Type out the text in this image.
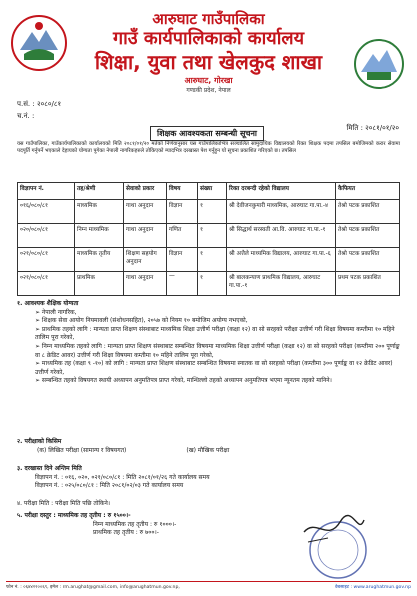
आरुघाट गाउँपालिका
गाउँ कार्यपालिकाको कार्यालय
शिक्षा, युवा तथा खेलकुद शाखा
आरुघाट, गोरखा
गण्डकी प्रदेश, नेपाल
प.सं. : २०८०/८१
च.नं. :
मिति : २०८१/०१/२०
शिक्षक आवश्यकता सम्बन्धी सूचना
यस गाउँपालिका, गाउँकार्यपालिकाको कार्यालयको मिति २०८१/०१/२० मतेको निर्णयानुसार यस गाउँपालिकाभित्र सञ्चालित सामुदायिक विद्यालयको रिक्त शिक्षक पदमा तपसिल बमोजिमको करार सेवामा पदपूर्ति गर्नुपर्ने भएकाले देहायको योग्यता पुगेका नेपाली नागरिकहरुले तोकिएको म्यादभित्र दरखास्त पेश गर्नुहुन यो सूचना प्रकाशित गरिएको छ। तपसिल
विज्ञापन नं.	तह/श्रेणी	सेवाको प्रकार	विषय	संख्या	रिक्त दरबन्दी रहेको विद्यालय	कैफियत
०१६/०८०/८१	माध्यमिक	गाथा अनुदान	विज्ञान	१	श्री देवीजनकुमारी माध्यमिक, आरुघाट गा.पा.-४	तेश्रो पटक प्रकाशित
०२०/०८०/८१	निम्न माध्यमिक	गाथा अनुदान	गणित	१	श्री सिद्धार्थ सरस्वती आ.वि. आरुघाट गा.पा.-१	तेश्रो पटक प्रकाशित
०२१/०८०/८१	माध्यमिक तृतीय	शिक्षण सहयोग अनुदान	विज्ञान	१	श्री अत्तैले माध्यमिक विद्यालय, आरुघाट गा.पा.-६	तेश्रो पटक प्रकाशित
०२१/०८०/८१	प्राथमिक	गाथा अनुदान	—	१	श्री बालकन्याण प्राथमिक विद्यालय, आरुघाट गा.पा.-१	प्रथम पटक प्रकाशित
१. आवश्यक शैक्षिक योग्यता
➢ नेपाली नागरिक,
➢ शिक्षक सेवा आयोग नियमावली (संशोधनसहित), २०५७ को नियम १० बमोजिम अयोग्य नभएको,
➢ प्राथमिक तहको लागि : मान्यता प्राप्त शिक्षण संस्थाबाट माध्यमिक शिक्षा उत्तीर्ण परीक्षा (कक्षा १२) वा सो सरहको परीक्षा उत्तीर्ण गरी शिक्षा विषयमा कम्तीमा १० महिने तालिम पूरा गरेको,
➢ निम्न माध्यमिक तहको लागि : मान्यता प्राप्त शिक्षण संस्थाबाट सम्बन्धित विषयमा माध्यमिक शिक्षा उत्तीर्ण परीक्षा (कक्षा १२) वा सो सरहको परीक्षा (कम्तीमा २०० पूर्णाङ्क वा ८ क्रेडिट आवर) उत्तीर्ण गरी शिक्षा विषयमा कम्तीमा १० महिने तालिम पूरा गरेको,
➢ माध्यमिक तह (कक्षा ९ -१०) को लागि : मान्यता प्राप्त शिक्षण संस्थाबाट सम्बन्धित विषयमा स्नातक वा सो सरहको परीक्षा (कम्तीमा ३०० पूर्णाङ्क वा १२ क्रेडिट आवर) उत्तीर्ण गरेको,
➢ सम्बन्धित तहको विषयगत स्थायी अध्यापन अनुमतिपत्र प्राप्त गरेको, मान्धिल्लो तहको अध्यापन अनुमतिपत्र भएमा न्यूनतम तहको मानिने।
२. परीक्षाको किसिम
(क) लिखित परीक्षा (सामान्य र विषयगत)	(ख) मौखिक परीक्षा
३. दरखास्त दिने अन्तिम मिति
विज्ञापन नं. : ०१६, ०२०, ०२१/०८०/८१ : मिति २०८१/०१/२६ गते कार्यालय समय
विज्ञापन नं. : ०२५/०८०/८१ : मिति २०८१/०२/०३ गते कार्यालय समय
४. परीक्षा मिति : परीक्षा मिति पछि तोकिने।
५. परीक्षा दस्तुर : माध्यमिक तह तृतीय : रु १५००।-
निम्न माध्यमिक तह तृतीय : रु १०००।-
प्राथमिक तह तृतीय : रु ७००।-
फोन नं. : ०६४४२२००६९, इमेल : rm.arughat@gmail.com, info@arughatmun.gov.np,	वेबसाइट : www.arughatmun.gov.np
